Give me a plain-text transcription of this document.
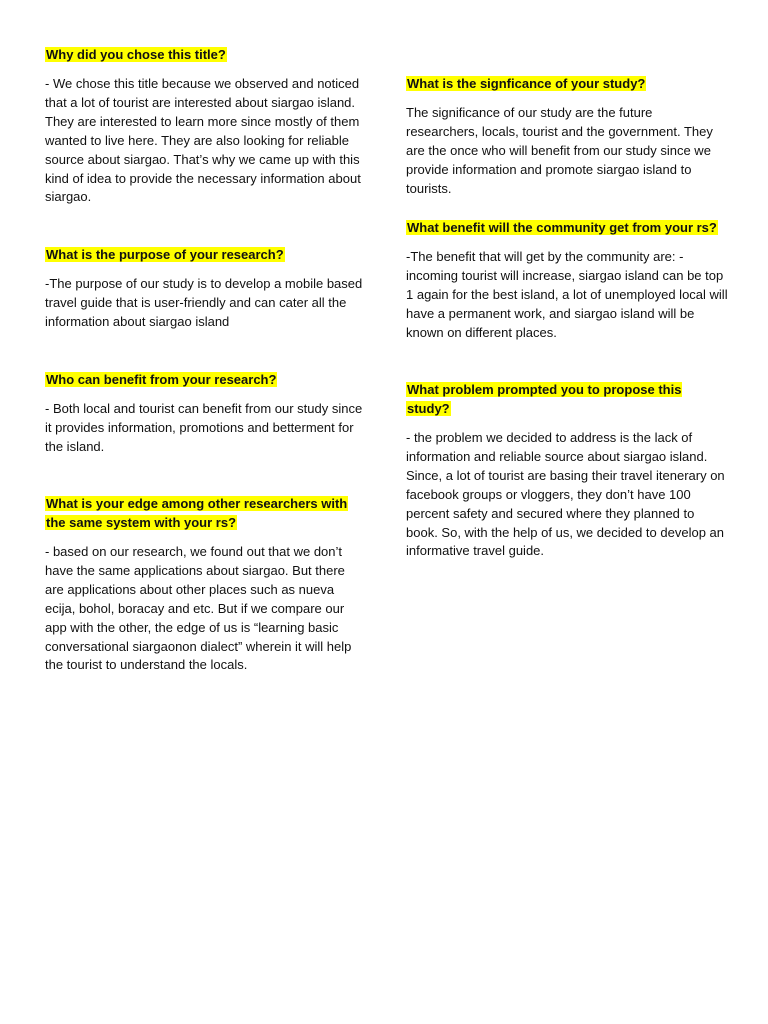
Why did you chose this title?

- We chose this title because we observed and noticed that a lot of tourist are interested about siargao island. They are interested to learn more since mostly of them wanted to live here. They are also looking for reliable source about siargao. That’s why we came up with this kind of idea to provide the necessary information about siargao.

What is the purpose of your research?

-The purpose of our study is to develop a mobile based travel guide that is user-friendly and can cater all the information about siargao island

Who can benefit from your research?

- Both local and tourist can benefit from our study since it provides information, promotions and betterment for the island.

What is your edge among other researchers with the same system with your rs?

- based on our research, we found out that we don’t have the same applications about siargao. But there are applications about other places such as nueva ecija, bohol, boracay and etc. But if we compare our app with the other, the edge of us is “learning basic conversational siargaonon dialect” wherein it will help the tourist to understand the locals.

What is the signficance of your study?

The significance of our study are the future researchers, locals, tourist and the government. They are the once who will benefit from our study since we provide information and promote siargao island to tourists.

What benefit will the community get from your rs?

-The benefit that will get by the community are: - incoming tourist will increase, siargao island can be top 1 again for the best island, a lot of unemployed local will have a permanent work, and siargao island will be known on different places.

What problem prompted you to propose this study?

- the problem we decided to address is the lack of information and reliable source about siargao island. Since, a lot of tourist are basing their travel itenerary on facebook groups or vloggers, they don’t have 100 percent safety and secured where they planned to book. So, with the help of us, we decided to develop an informative travel guide.
